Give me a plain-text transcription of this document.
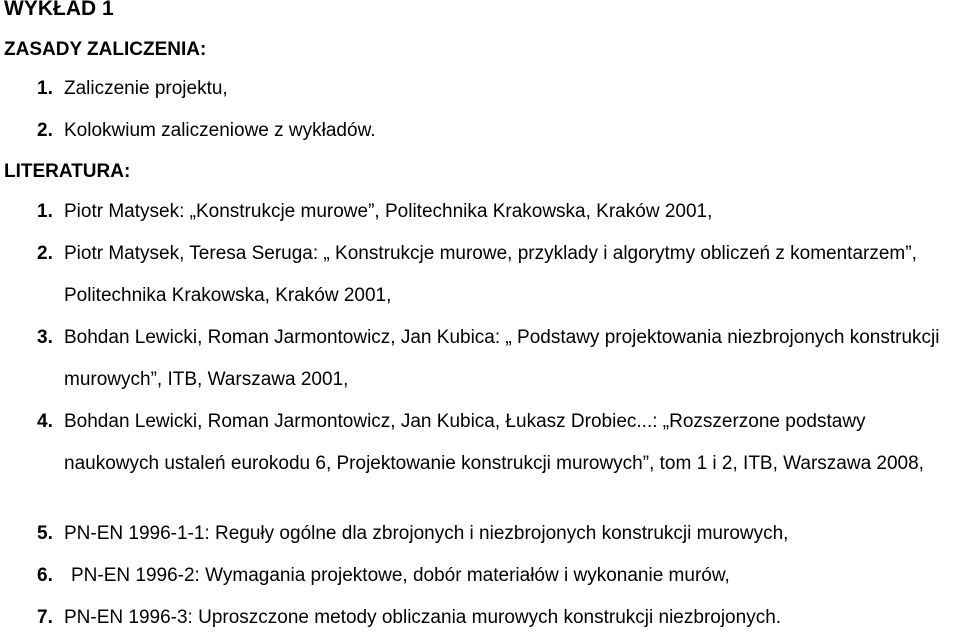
WYKŁAD 1
ZASADY ZALICZENIA:
1. Zaliczenie projektu,
2. Kolokwium zaliczeniowe z wykładów.
LITERATURA:
1. Piotr Matysek: „Konstrukcje murowe”, Politechnika Krakowska, Kraków 2001,
2. Piotr Matysek, Teresa Seruga: „ Konstrukcje murowe, przyklady i algorytmy obliczeń z komentarzem”, Politechnika Krakowska, Kraków 2001,
3. Bohdan Lewicki, Roman Jarmontowicz, Jan Kubica: „ Podstawy projektowania niezbrojonych konstrukcji murowych”, ITB, Warszawa 2001,
4. Bohdan Lewicki, Roman Jarmontowicz, Jan Kubica, Łukasz Drobiec...: „Rozszerzone podstawy naukowych ustaleń eurokodu 6, Projektowanie konstrukcji murowych”, tom 1 i 2, ITB, Warszawa 2008,
5. PN-EN 1996-1-1: Reguły ogólne dla zbrojonych i niezbrojonych konstrukcji murowych,
6. PN-EN 1996-2: Wymagania projektowe, dobór materiałów i wykonanie murów,
7. PN-EN 1996-3: Uproszczone metody obliczania murowych konstrukcji niezbrojonych.
